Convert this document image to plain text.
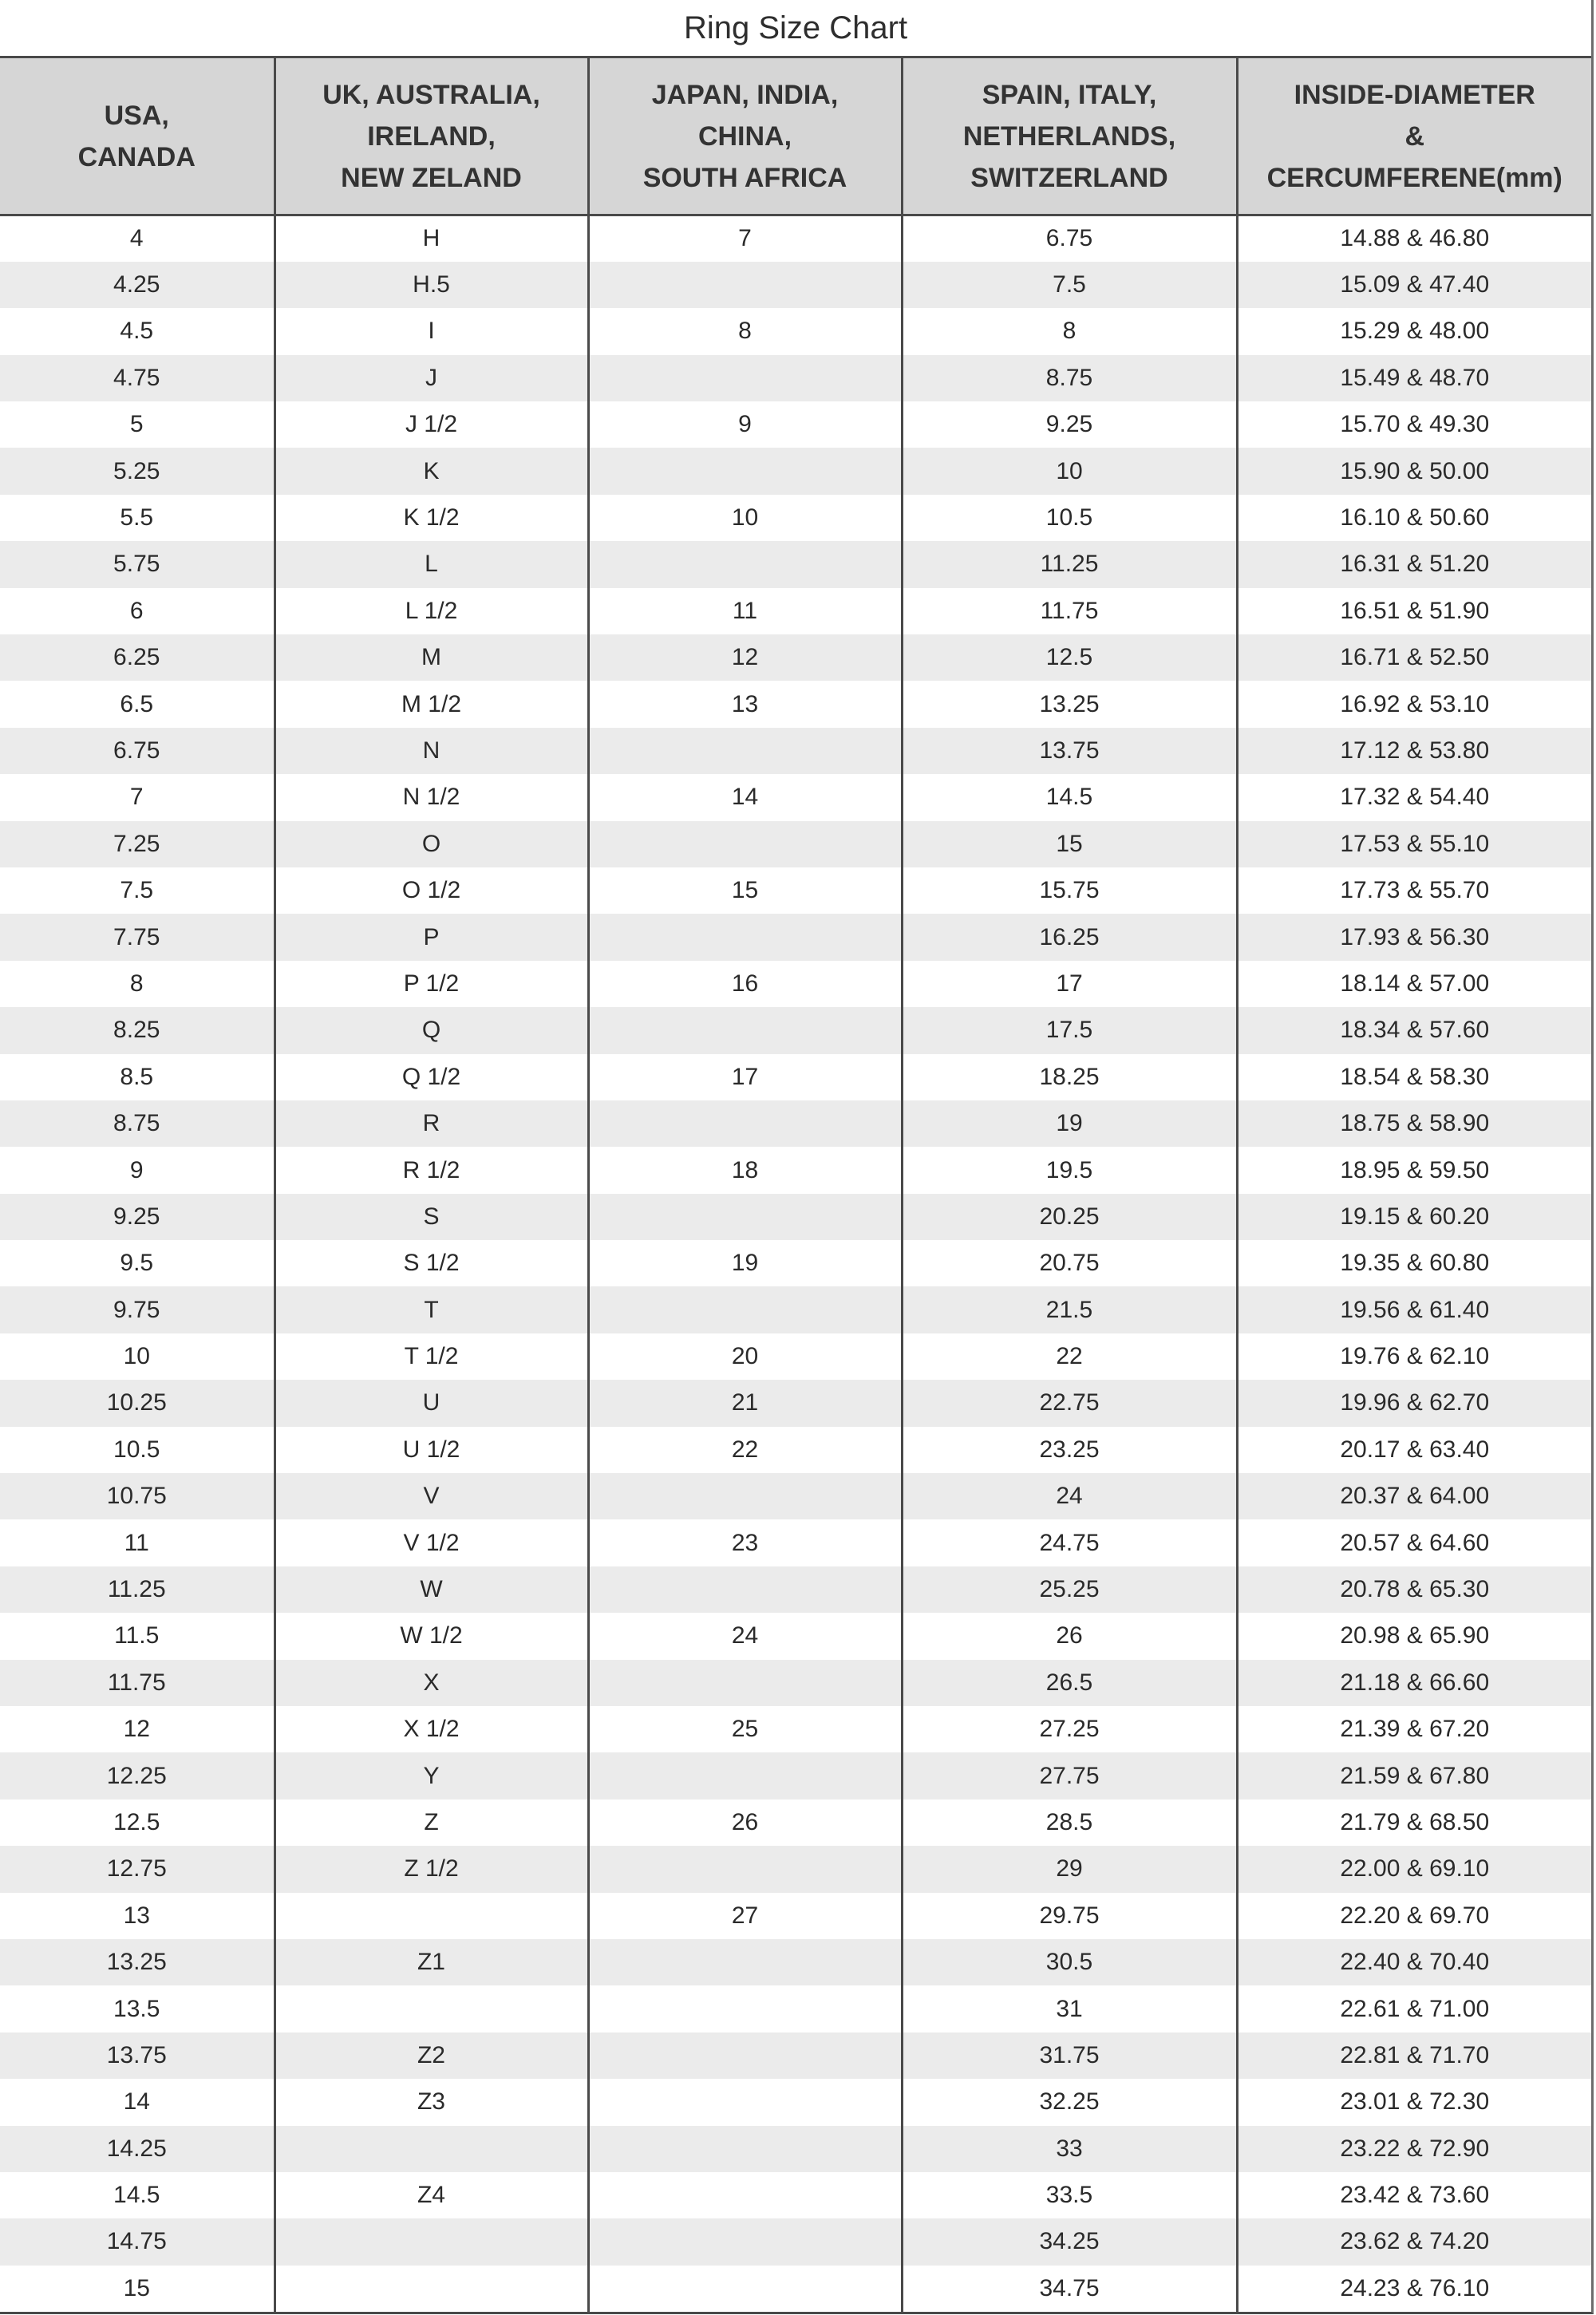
Ring Size Chart
USA,
CANADA	UK, AUSTRALIA,
IRELAND,
NEW ZELAND	JAPAN, INDIA,
CHINA,
SOUTH AFRICA	SPAIN, ITALY,
NETHERLANDS,
SWITZERLAND	INSIDE-DIAMETER
&
CERCUMFERENE(mm)

4	H	7	6.75	14.88 & 46.80
4.25	H.5		7.5	15.09 & 47.40
4.5	I	8	8	15.29 & 48.00
4.75	J		8.75	15.49 & 48.70
5	J 1/2	9	9.25	15.70 & 49.30
5.25	K		10	15.90 & 50.00
5.5	K 1/2	10	10.5	16.10 & 50.60
5.75	L		11.25	16.31 & 51.20
6	L 1/2	11	11.75	16.51 & 51.90
6.25	M	12	12.5	16.71 & 52.50
6.5	M 1/2	13	13.25	16.92 & 53.10
6.75	N		13.75	17.12 & 53.80
7	N 1/2	14	14.5	17.32 & 54.40
7.25	O		15	17.53 & 55.10
7.5	O 1/2	15	15.75	17.73 & 55.70
7.75	P		16.25	17.93 & 56.30
8	P 1/2	16	17	18.14 & 57.00
8.25	Q		17.5	18.34 & 57.60
8.5	Q 1/2	17	18.25	18.54 & 58.30
8.75	R		19	18.75 & 58.90
9	R 1/2	18	19.5	18.95 & 59.50
9.25	S		20.25	19.15 & 60.20
9.5	S 1/2	19	20.75	19.35 & 60.80
9.75	T		21.5	19.56 & 61.40
10	T 1/2	20	22	19.76 & 62.10
10.25	U	21	22.75	19.96 & 62.70
10.5	U 1/2	22	23.25	20.17 & 63.40
10.75	V		24	20.37 & 64.00
11	V 1/2	23	24.75	20.57 & 64.60
11.25	W		25.25	20.78 & 65.30
11.5	W 1/2	24	26	20.98 & 65.90
11.75	X		26.5	21.18 & 66.60
12	X 1/2	25	27.25	21.39 & 67.20
12.25	Y		27.75	21.59 & 67.80
12.5	Z	26	28.5	21.79 & 68.50
12.75	Z 1/2		29	22.00 & 69.10
13		27	29.75	22.20 & 69.70
13.25	Z1		30.5	22.40 & 70.40
13.5			31	22.61 & 71.00
13.75	Z2		31.75	22.81 & 71.70
14	Z3		32.25	23.01 & 72.30
14.25			33	23.22 & 72.90
14.5	Z4		33.5	23.42 & 73.60
14.75			34.25	23.62 & 74.20
15			34.75	24.23 & 76.10
